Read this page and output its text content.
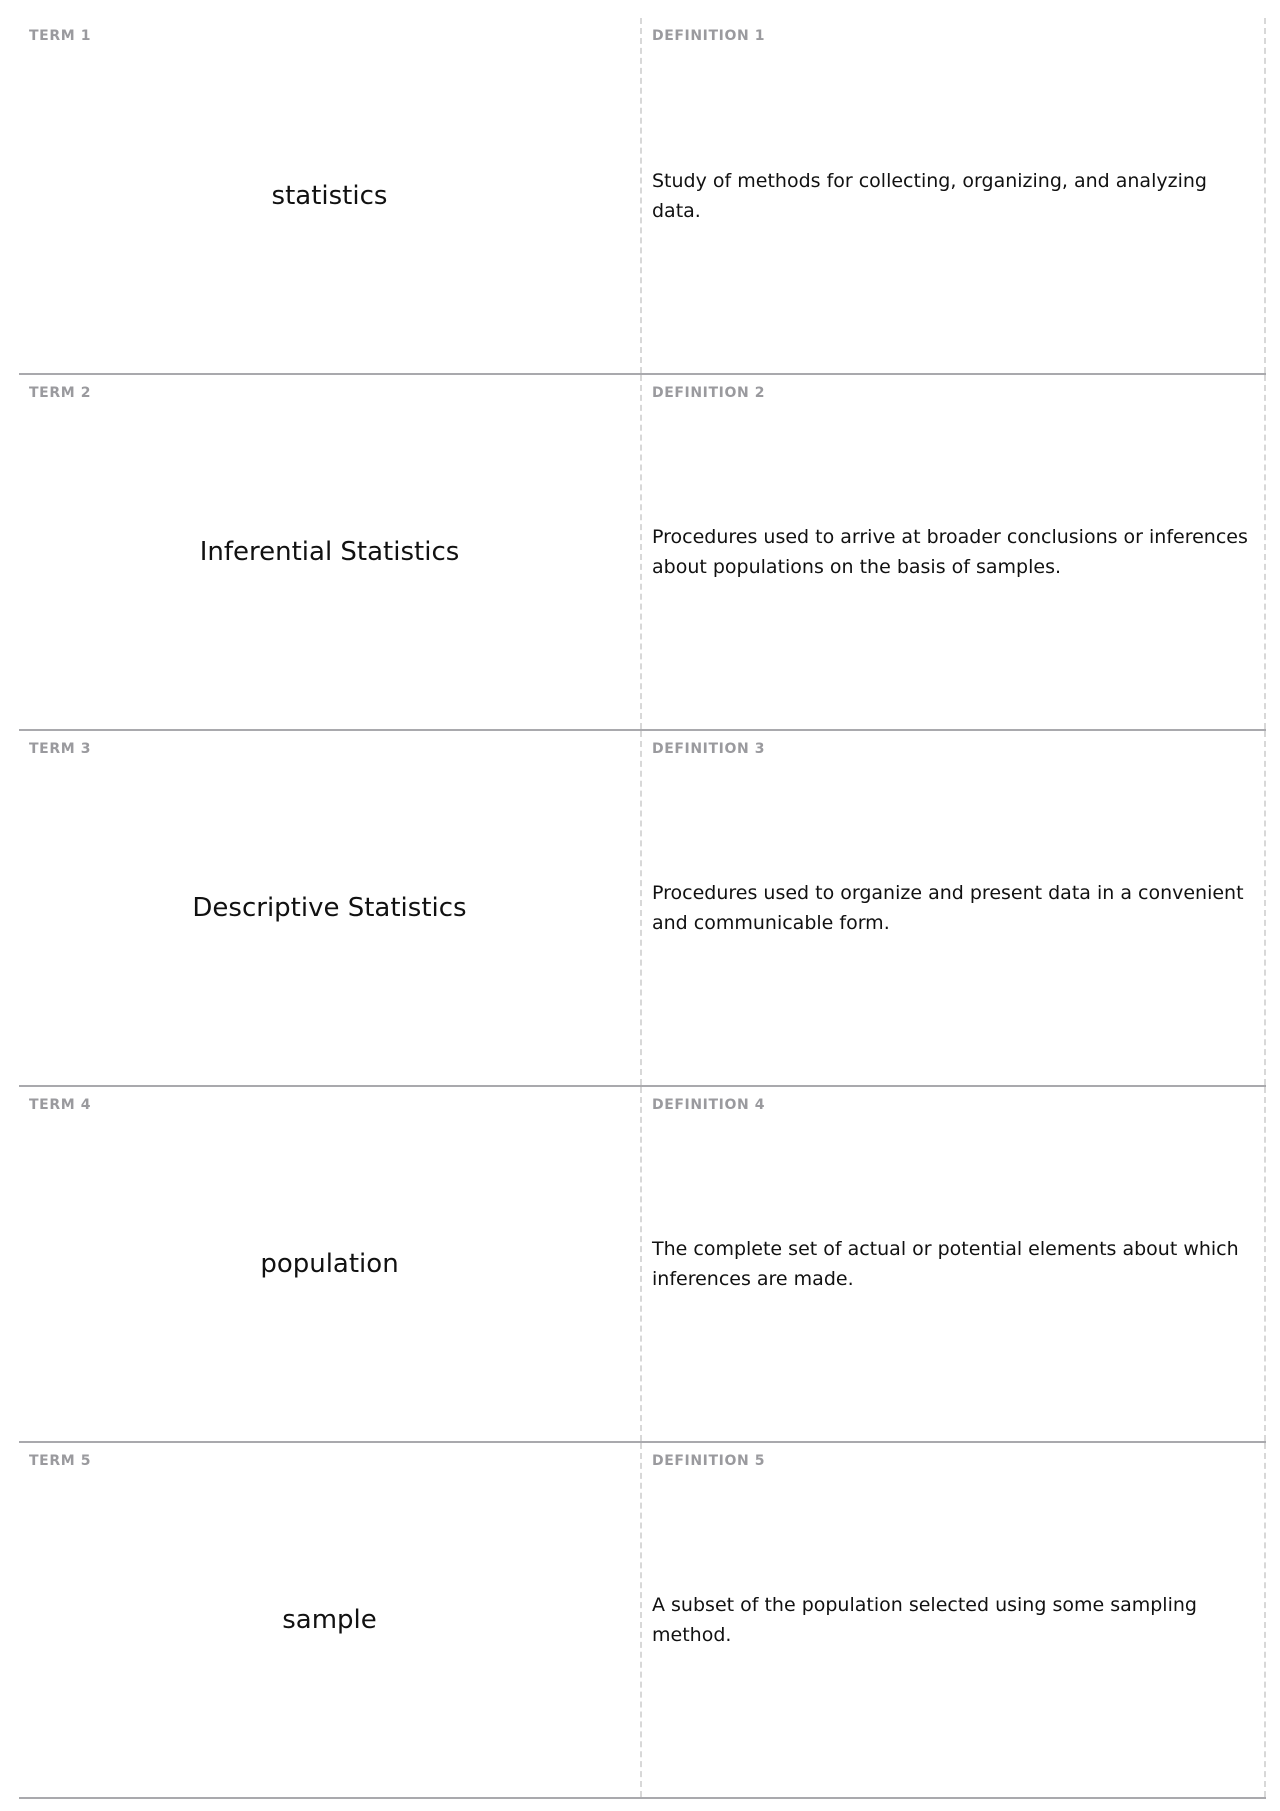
TERM 1
statistics
DEFINITION 1
Study of methods for collecting, organizing, and analyzing data.
TERM 2
Inferential Statistics
DEFINITION 2
Procedures used to arrive at broader conclusions or inferences about populations on the basis of samples.
TERM 3
Descriptive Statistics
DEFINITION 3
Procedures used to organize and present data in a convenient and communicable form.
TERM 4
population
DEFINITION 4
The complete set of actual or potential elements about which inferences are made.
TERM 5
sample
DEFINITION 5
A subset of the population selected using some sampling method.
